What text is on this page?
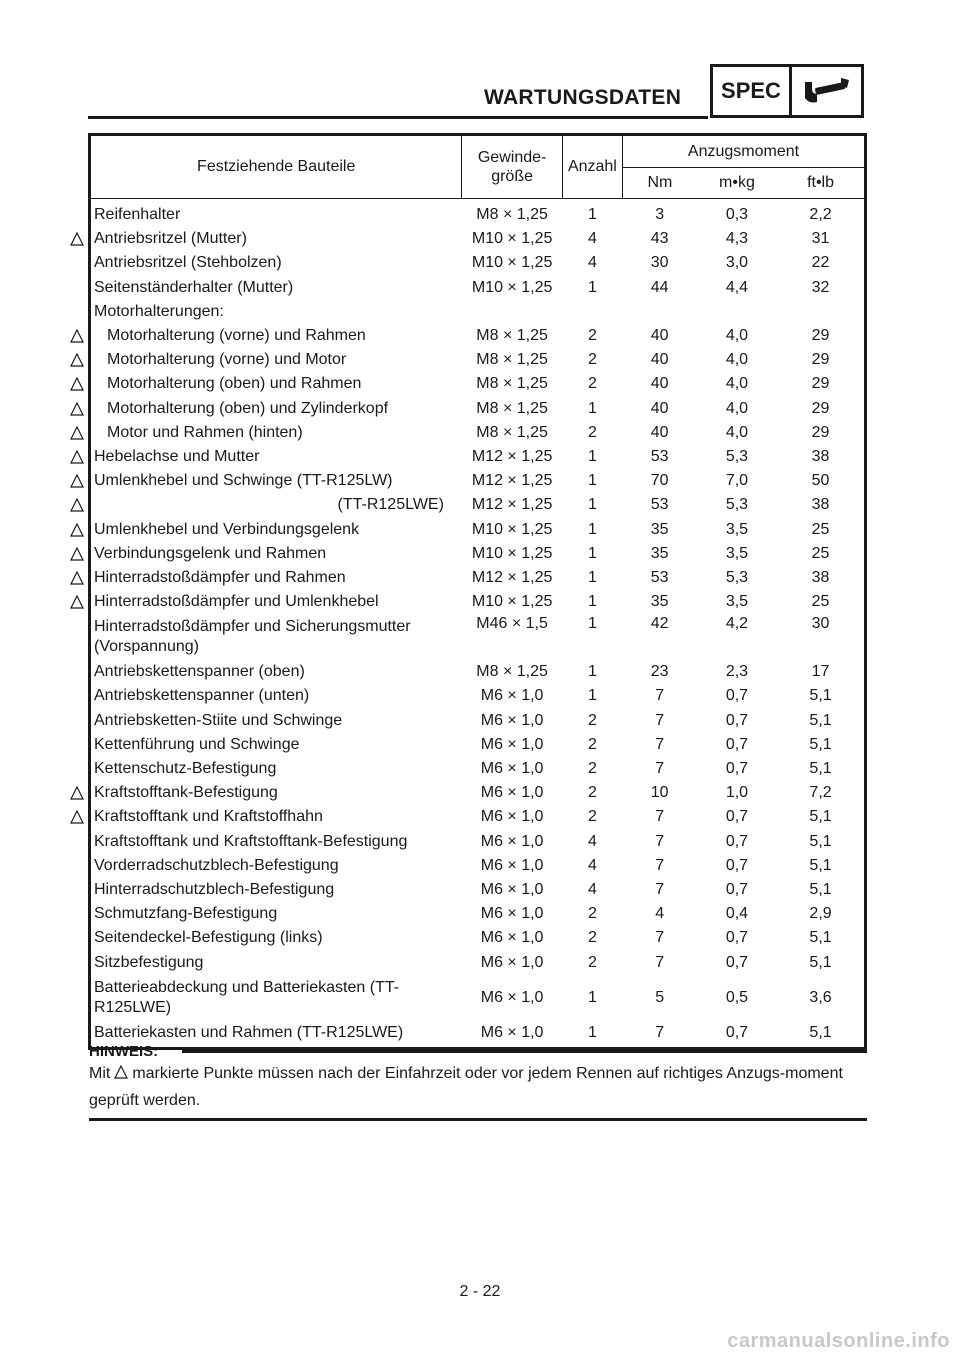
WARTUNGSDATEN	SPEC
Festziehende Bauteile	Gewinde-
größe	Anzahl	Anzugsmoment		
			Nm	m•kg	ft•lb
Reifenhalter	M8 × 1,25	1	3	0,3	2,2
Antriebsritzel (Mutter)	M10 × 1,25	4	43	4,3	31
Antriebsritzel (Stehbolzen)	M10 × 1,25	4	30	3,0	22
Seitenständerhalter (Mutter)	M10 × 1,25	1	44	4,4	32
Motorhalterungen:					
Motorhalterung (vorne) und Rahmen	M8 × 1,25	2	40	4,0	29
Motorhalterung (vorne) und Motor	M8 × 1,25	2	40	4,0	29
Motorhalterung (oben) und Rahmen	M8 × 1,25	2	40	4,0	29
Motorhalterung (oben) und Zylinderkopf	M8 × 1,25	1	40	4,0	29
Motor und Rahmen (hinten)	M8 × 1,25	2	40	4,0	29
Hebelachse und Mutter	M12 × 1,25	1	53	5,3	38
Umlenkhebel und Schwinge (TT-R125LW)	M12 × 1,25	1	70	7,0	50
(TT-R125LWE)	M12 × 1,25	1	53	5,3	38
Umlenkhebel und Verbindungsgelenk	M10 × 1,25	1	35	3,5	25
Verbindungsgelenk und Rahmen	M10 × 1,25	1	35	3,5	25
Hinterradstoßdämpfer und Rahmen	M12 × 1,25	1	53	5,3	38
Hinterradstoßdämpfer und Umlenkhebel	M10 × 1,25	1	35	3,5	25
Hinterradstoßdämpfer und Sicherungsmutter (Vorspannung)	M46 × 1,5	1	42	4,2	30
Antriebskettenspanner (oben)	M8 × 1,25	1	23	2,3	17
Antriebskettenspanner (unten)	M6 × 1,0	1	7	0,7	5,1
Antriebsketten-Stiite und Schwinge	M6 × 1,0	2	7	0,7	5,1
Kettenführung und Schwinge	M6 × 1,0	2	7	0,7	5,1
Kettenschutz-Befestigung	M6 × 1,0	2	7	0,7	5,1
Kraftstofftank-Befestigung	M6 × 1,0	2	10	1,0	7,2
Kraftstofftank und Kraftstoffhahn	M6 × 1,0	2	7	0,7	5,1
Kraftstofftank und Kraftstofftank-Befestigung	M6 × 1,0	4	7	0,7	5,1
Vorderradschutzblech-Befestigung	M6 × 1,0	4	7	0,7	5,1
Hinterradschutzblech-Befestigung	M6 × 1,0	4	7	0,7	5,1
Schmutzfang-Befestigung	M6 × 1,0	2	4	0,4	2,9
Seitendeckel-Befestigung (links)	M6 × 1,0	2	7	0,7	5,1
Sitzbefestigung	M6 × 1,0	2	7	0,7	5,1
Batterieabdeckung und Batteriekasten (TT-R125LWE)	M6 × 1,0	1	5	0,5	3,6
Batteriekasten und Rahmen (TT-R125LWE)	M6 × 1,0	1	7	0,7	5,1
HINWEIS:
Mit markierte Punkte müssen nach der Einfahrzeit oder vor jedem Rennen auf richtiges Anzugs-moment geprüft werden.
2 - 22
carmanualsonline.info
